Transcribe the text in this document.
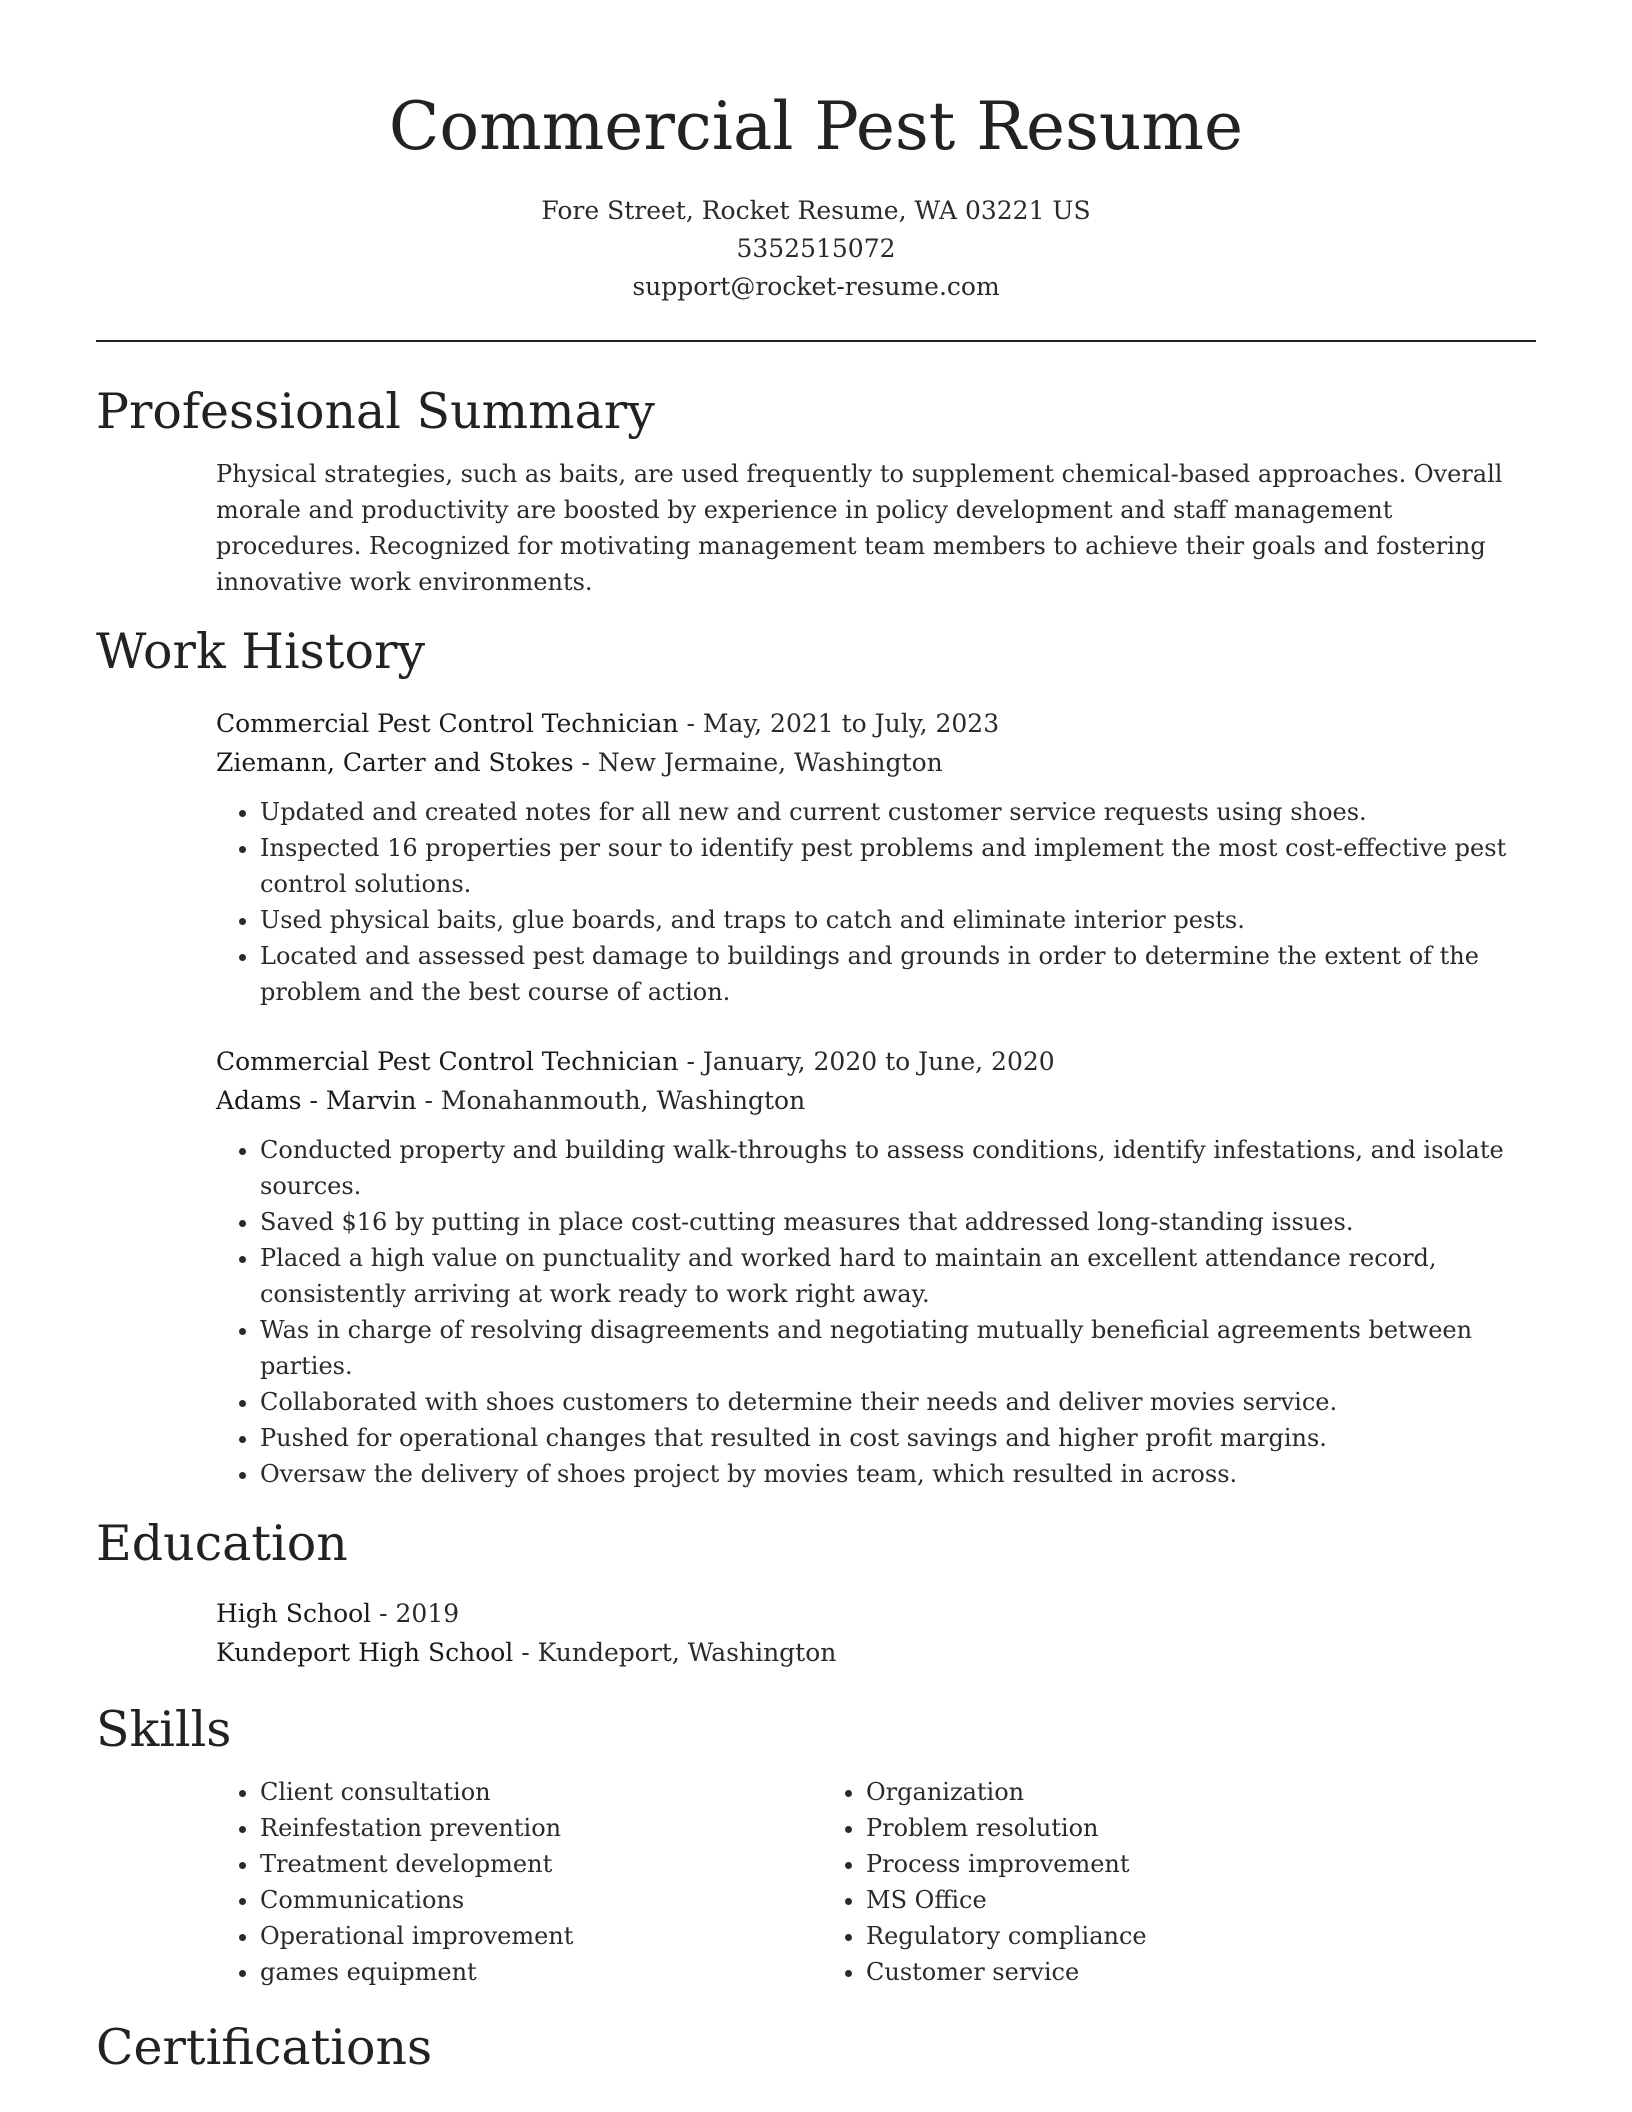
Commercial Pest Resume
Fore Street, Rocket Resume, WA 03221 US
5352515072
support@rocket-resume.com
Professional Summary

Physical strategies, such as baits, are used frequently to supplement chemical-based approaches. Overall morale and productivity are boosted by experience in policy development and staff management procedures. Recognized for motivating management team members to achieve their goals and fostering innovative work environments.

Work History
Commercial Pest Control Technician - May, 2021 to July, 2023
Ziemann, Carter and Stokes - New Jermaine, Washington
• Updated and created notes for all new and current customer service requests using shoes.
• Inspected 16 properties per sour to identify pest problems and implement the most cost-effective pest control solutions.
• Used physical baits, glue boards, and traps to catch and eliminate interior pests.
• Located and assessed pest damage to buildings and grounds in order to determine the extent of the problem and the best course of action.
Commercial Pest Control Technician - January, 2020 to June, 2020
Adams - Marvin - Monahanmouth, Washington
• Conducted property and building walk-throughs to assess conditions, identify infestations, and isolate sources.
• Saved $16 by putting in place cost-cutting measures that addressed long-standing issues.
• Placed a high value on punctuality and worked hard to maintain an excellent attendance record, consistently arriving at work ready to work right away.
• Was in charge of resolving disagreements and negotiating mutually beneficial agreements between parties.
• Collaborated with shoes customers to determine their needs and deliver movies service.
• Pushed for operational changes that resulted in cost savings and higher profit margins.
• Oversaw the delivery of shoes project by movies team, which resulted in across.
Education
High School - 2019
Kundeport High School - Kundeport, Washington
Skills
• Client consultation
• Reinfestation prevention
• Treatment development
• Communications
• Operational improvement
• games equipment
• Organization
• Problem resolution
• Process improvement
• MS Office
• Regulatory compliance
• Customer service
Certifications
